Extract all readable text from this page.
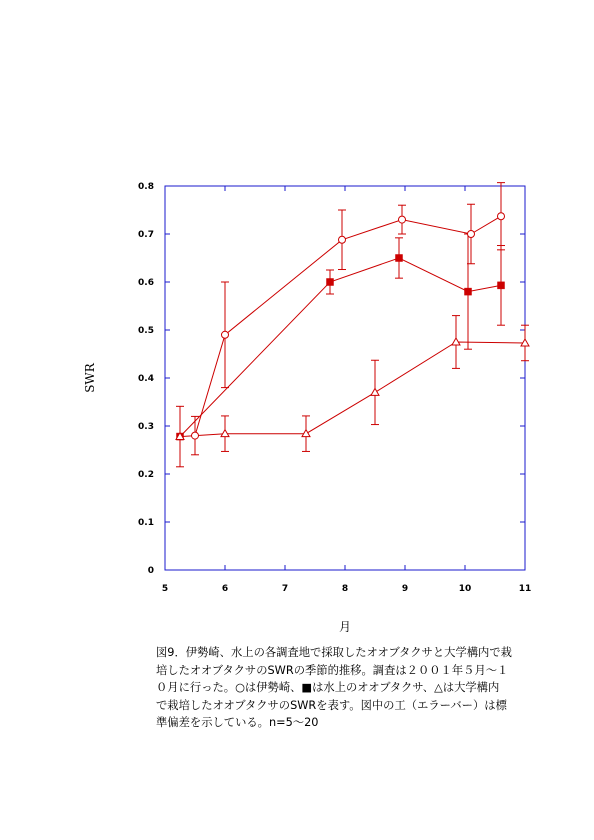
0
0.1
0.2
0.3
0.4
0.5
0.6
0.7
0.8
5	6	7	8	9	10	11
SWR
月
図9．伊勢崎、水上の各調査地で採取したオオブタクサと大学構内で栽
培したオオブタクサのSWRの季節的推移。調査は２００１年５月～１
０月に行った。○は伊勢崎、■は水上のオオブタクサ、△は大学構内
で栽培したオオブタクサのSWRを表す。図中の工（エラーバー）は標
準偏差を示している。n=5～20
